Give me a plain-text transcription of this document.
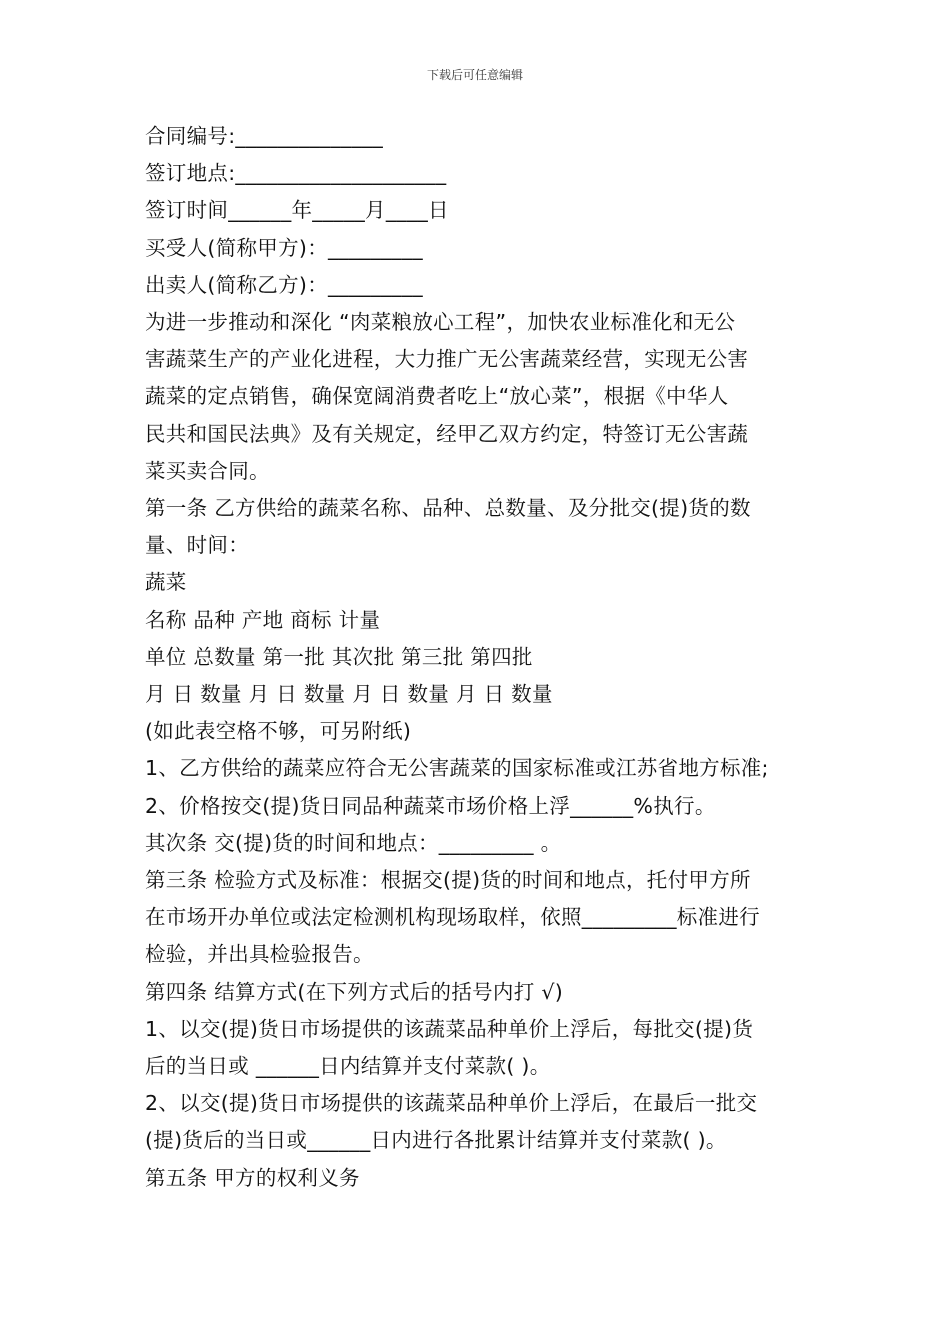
下载后可任意编辑

合同编号:______________

签订地点:____________________

签订时间______年_____月____日

买受人(简称甲方)：_________

出卖人(简称乙方)：_________

为进一步推动和深化 “肉菜粮放心工程”，加快农业标准化和无公

害蔬菜生产的产业化进程，大力推广无公害蔬菜经营，实现无公害

蔬菜的定点销售，确保宽阔消费者吃上“放心菜”，根据《中华人

民共和国民法典》及有关规定，经甲乙双方约定，特签订无公害蔬

菜买卖合同。

第一条 乙方供给的蔬菜名称、品种、总数量、及分批交(提)货的数

量、时间：

蔬菜

名称 品种 产地 商标 计量

单位 总数量 第一批 其次批 第三批 第四批

月 日 数量 月 日 数量 月 日 数量 月 日 数量

(如此表空格不够，可另附纸)

1、乙方供给的蔬菜应符合无公害蔬菜的国家标准或江苏省地方标准;

2、价格按交(提)货日同品种蔬菜市场价格上浮______%执行。

其次条 交(提)货的时间和地点：_________ 。

第三条 检验方式及标准：根据交(提)货的时间和地点，托付甲方所

在市场开办单位或法定检测机构现场取样，依照_________标准进行

检验，并出具检验报告。

第四条 结算方式(在下列方式后的括号内打 √)

1、以交(提)货日市场提供的该蔬菜品种单价上浮后，每批交(提)货

后的当日或 ______日内结算并支付菜款( )。

2、以交(提)货日市场提供的该蔬菜品种单价上浮后，在最后一批交

(提)货后的当日或______日内进行各批累计结算并支付菜款( )。

第五条 甲方的权利义务
